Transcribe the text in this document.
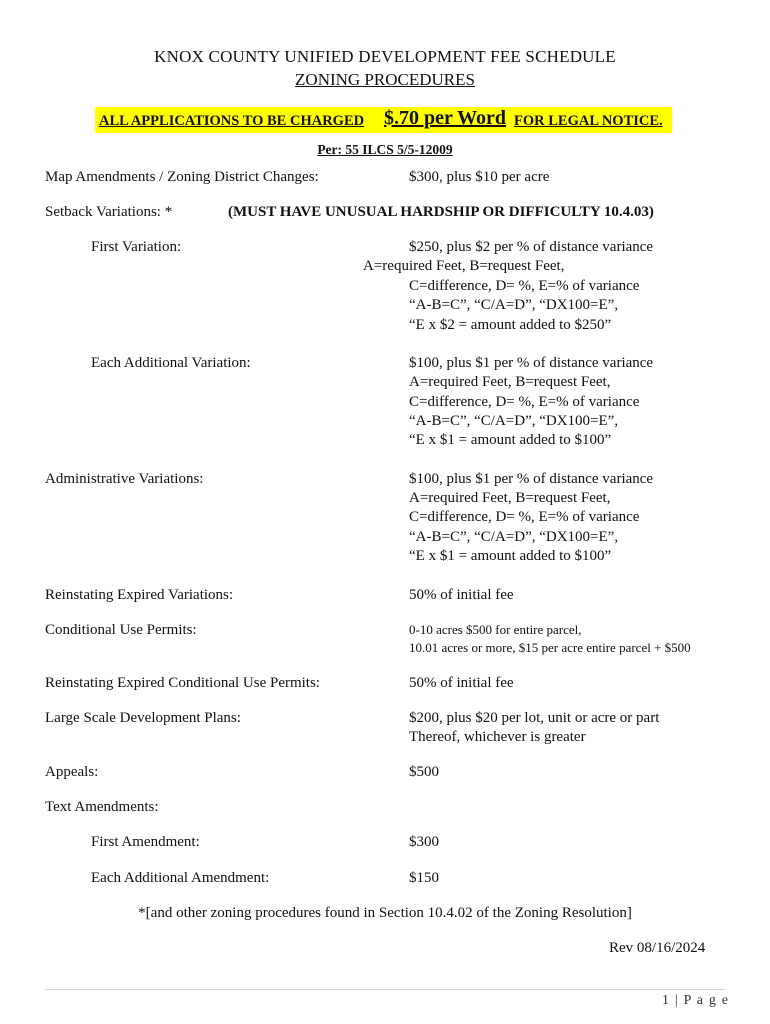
KNOX COUNTY UNIFIED DEVELOPMENT FEE SCHEDULE
ZONING PROCEDURES
ALL APPLICATIONS TO BE CHARGED $.70 per Word FOR LEGAL NOTICE.
Per: 55 ILCS 5/5-12009
Map Amendments / Zoning District Changes:	$300, plus $10 per acre
Setback Variations: *	(MUST HAVE UNUSUAL HARDSHIP OR DIFFICULTY 10.4.03)
First Variation:	$250, plus $2 per % of distance variance
A=required Feet, B=request Feet,
C=difference, D= %, E=% of variance
“A-B=C”, “C/A=D”, “DX100=E”,
“E x $2 = amount added to $250”
Each Additional Variation:	$100, plus $1 per % of distance variance
A=required Feet, B=request Feet,
C=difference, D= %, E=% of variance
“A-B=C”, “C/A=D”, “DX100=E”,
“E x $1 = amount added to $100”
Administrative Variations:	$100, plus $1 per % of distance variance
A=required Feet, B=request Feet,
C=difference, D= %, E=% of variance
“A-B=C”, “C/A=D”, “DX100=E”,
“E x $1 = amount added to $100”
Reinstating Expired Variations:	50% of initial fee
Conditional Use Permits:	0-10 acres $500 for entire parcel,
10.01 acres or more, $15 per acre entire parcel + $500
Reinstating Expired Conditional Use Permits:	50% of initial fee
Large Scale Development Plans:	$200, plus $20 per lot, unit or acre or part
Thereof, whichever is greater
Appeals:	$500
Text Amendments:
First Amendment:	$300
Each Additional Amendment:	$150
*[and other zoning procedures found in Section 10.4.02 of the Zoning Resolution]
Rev 08/16/2024
1 | P a g e
